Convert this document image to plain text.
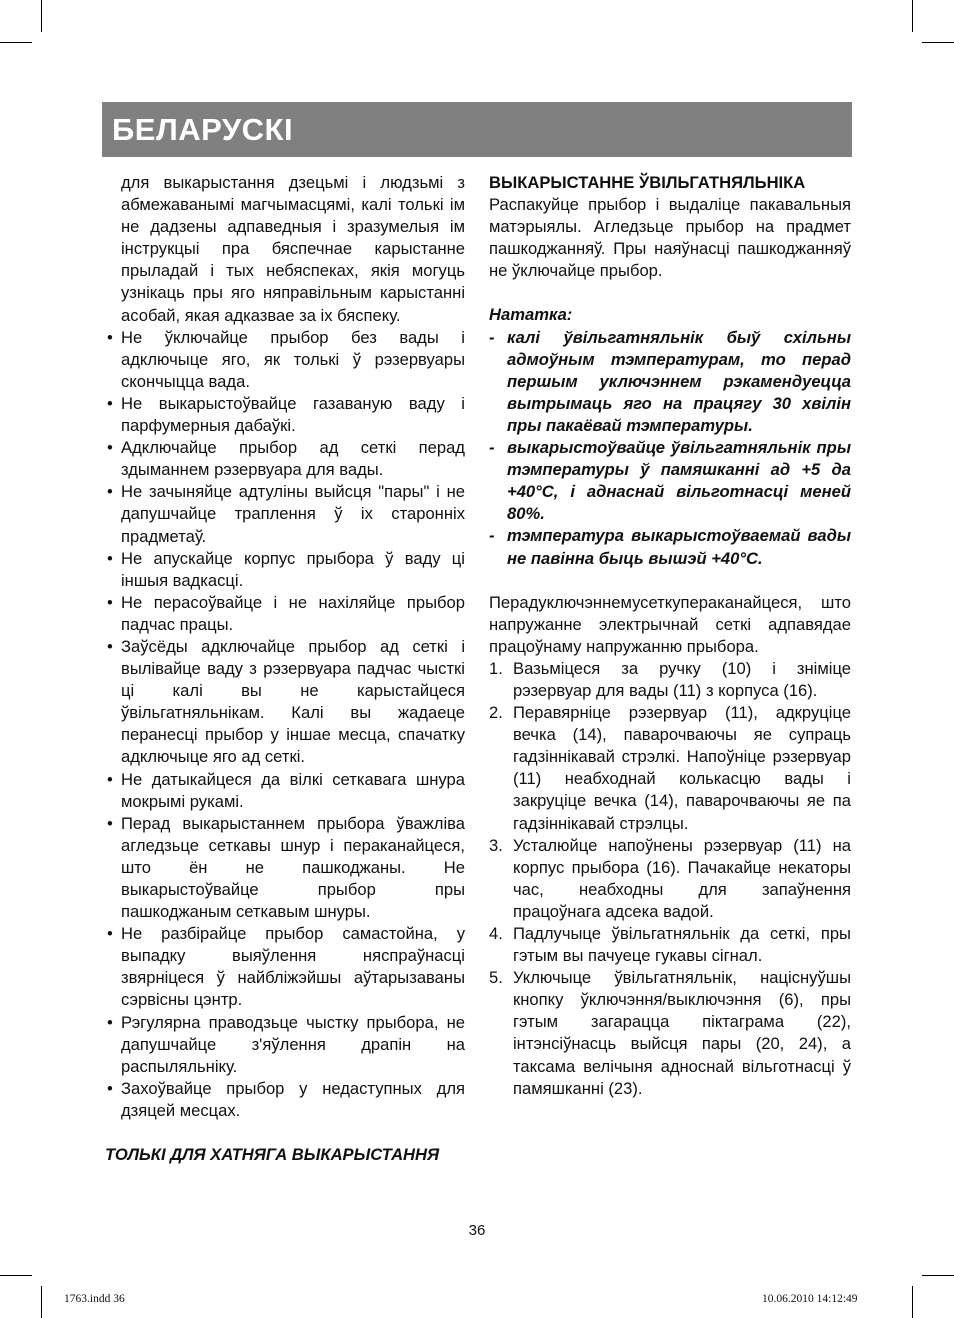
БЕЛАРУСКІ

для выкарыстання дзецьмі і людзьмі з абмежаванымі магчымасцямі, калі толькі ім не дадзены адпаведныя і зразумелыя ім інструкцыі пра бяспечнае карыстанне прыладай і тых небяспеках, якія могуць узнікаць пры яго няправільным карыстанні асобай, якая адказвае за іх бяспеку.

• Не ўключайце прыбор без вады і адключыце яго, як толькі ў рэзервуары скончыцца вада.
• Не выкарыстоўвайце газаваную ваду і парфумерныя дабаўкі.
• Адключайце прыбор ад сеткі перад здыманнем рэзервуара для вады.
• Не зачыняйце адтуліны выйсця "пары" і не дапушчайце траплення ў іх старонніх прадметаў.
• Не апускайце корпус прыбора ў ваду ці іншыя вадкасці.
• Не перасоўвайце і не нахіляйце прыбор падчас працы.
• Заўсёды адключайце прыбор ад сеткі і вылівайце ваду з рэзервуара падчас чысткі ці калі вы не карыстайцеся ўвільгатняльнікам. Калі вы жадаеце перанесці прыбор у іншае месца, спачатку адключыце яго ад сеткі.
• Не датыкайцеся да вілкі сеткавага шнура мокрымі рукамі.
• Перад выкарыстаннем прыбора ўважліва агледзьце сеткавы шнур і пераканайцеся, што ён не пашкоджаны. Не выкарыстоўвайце прыбор пры пашкоджаным сеткавым шнуры.
• Не разбірайце прыбор самастойна, у выпадку выяўлення няспраўнасці звярніцеся ў найбліжэйшы аўтарызаваны сэрвісны цэнтр.
• Рэгулярна праводзьце чыстку прыбора, не дапушчайце з'яўлення драпін на распыляльніку.
• Захоўвайце прыбор у недаступных для дзяцей месцах.

ТОЛЬКІ ДЛЯ ХАТНЯГА ВЫКАРЫСТАННЯ

ВЫКАРЫСТАННЕ ЎВІЛЬГАТНЯЛЬНІКА

Распакуйце прыбор і выдаліце пакавальныя матэрыялы. Агледзьце прыбор на прадмет пашкоджанняў. Пры наяўнасці пашкоджанняў не ўключайце прыбор.

Нататка:

- калі ўвільгатняльнік быў схільны адмоўным тэмпературам, то перад першым уключэннем рэкамендуецца вытрымаць яго на працягу 30 хвілін пры пакаёвай тэмпературы.
- выкарыстоўвайце ўвільгатняльнік пры тэмпературы ў памяшканні ад +5 да +40°C, і аднаснай вільготнасці меней 80%.
- тэмпература выкарыстоўваемай вады не павінна быць вышэй +40°C.

Перадуключэннемусеткупераканайцеся, што напружанне электрычнай сеткі адпавядае працоўнаму напружанню прыбора.

1. Вазьміцеся за ручку (10) і зніміце рэзервуар для вады (11) з корпуса (16).
2. Перавярніце рэзервуар (11), адкруціце вечка (14), паварочваючы яе супраць гадзіннікавай стрэлкі. Напоўніце рэзервуар (11) неабходнай колькасцю вады і закруціце вечка (14), паварочваючы яе па гадзіннікавай стрэлцы.
3. Усталюйце напоўнены рэзервуар (11) на корпус прыбора (16). Пачакайце некаторы час, неабходны для запаўнення працоўнага адсека вадой.
4. Падлучыце ўвільгатняльнік да сеткі, пры гэтым вы пачуеце гукавы сігнал.
5. Уключыце ўвільгатняльнік, націснуўшы кнопку ўключэння/выключэння (6), пры гэтым загарацца піктаграма (22), інтэнсіўнасць выйсця пары (20, 24), а таксама велічыня адноснай вільготнасці ў памяшканні (23).
36
1763.indd 36	10.06.2010 14:12:49
